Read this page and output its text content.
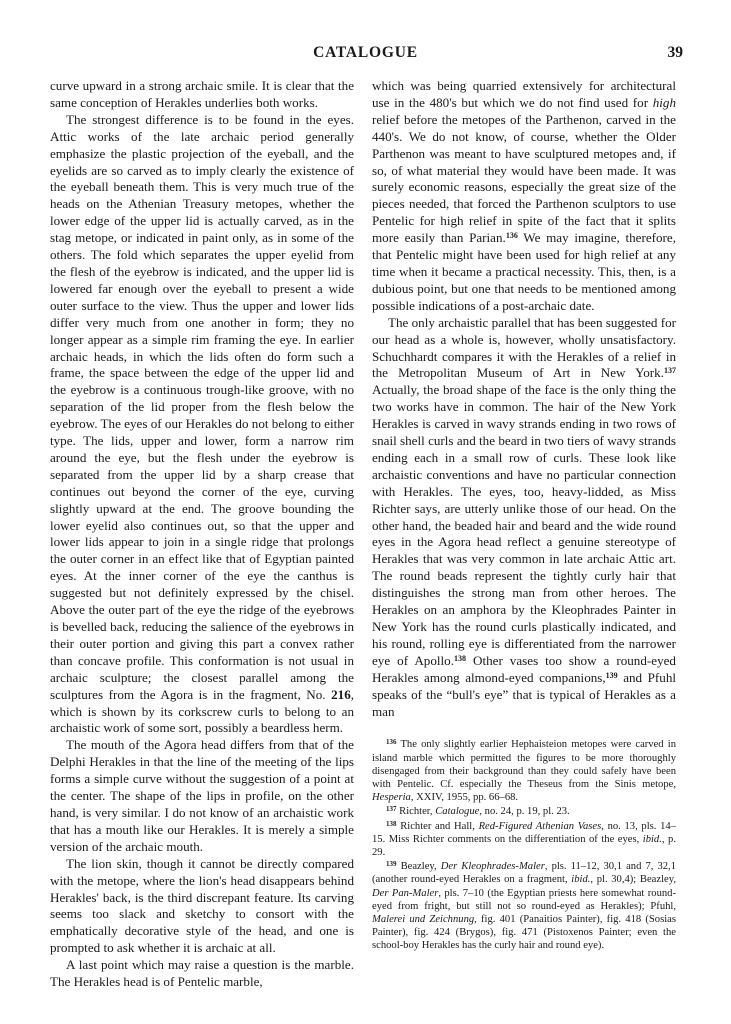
CATALOGUE	39

curve upward in a strong archaic smile. It is clear that the same conception of Herakles underlies both works.

The strongest difference is to be found in the eyes. Attic works of the late archaic period generally emphasize the plastic projection of the eyeball, and the eyelids are so carved as to imply clearly the existence of the eyeball beneath them. This is very much true of the heads on the Athenian Treasury metopes, whether the lower edge of the upper lid is actually carved, as in the stag metope, or indicated in paint only, as in some of the others. The fold which separates the upper eyelid from the flesh of the eyebrow is indicated, and the upper lid is lowered far enough over the eyeball to present a wide outer surface to the view. Thus the upper and lower lids differ very much from one another in form; they no longer appear as a simple rim framing the eye. In earlier archaic heads, in which the lids often do form such a frame, the space between the edge of the upper lid and the eyebrow is a continuous trough-like groove, with no separation of the lid proper from the flesh below the eyebrow. The eyes of our Herakles do not belong to either type. The lids, upper and lower, form a narrow rim around the eye, but the flesh under the eyebrow is separated from the upper lid by a sharp crease that continues out beyond the corner of the eye, curving slightly upward at the end. The groove bounding the lower eyelid also continues out, so that the upper and lower lids appear to join in a single ridge that prolongs the outer corner in an effect like that of Egyptian painted eyes. At the inner corner of the eye the canthus is suggested but not definitely expressed by the chisel. Above the outer part of the eye the ridge of the eyebrows is bevelled back, reducing the salience of the eyebrows in their outer portion and giving this part a convex rather than concave profile. This conformation is not usual in archaic sculpture; the closest parallel among the sculptures from the Agora is in the fragment, No. 216, which is shown by its corkscrew curls to belong to an archaistic work of some sort, possibly a beardless herm.

The mouth of the Agora head differs from that of the Delphi Herakles in that the line of the meeting of the lips forms a simple curve without the suggestion of a point at the center. The shape of the lips in profile, on the other hand, is very similar. I do not know of an archaistic work that has a mouth like our Herakles. It is merely a simple version of the archaic mouth.

The lion skin, though it cannot be directly compared with the metope, where the lion's head disappears behind Herakles' back, is the third discrepant feature. Its carving seems too slack and sketchy to consort with the emphatically decorative style of the head, and one is prompted to ask whether it is archaic at all.

A last point which may raise a question is the marble. The Herakles head is of Pentelic marble,

which was being quarried extensively for architectural use in the 480's but which we do not find used for high relief before the metopes of the Parthenon, carved in the 440's. We do not know, of course, whether the Older Parthenon was meant to have sculptured metopes and, if so, of what material they would have been made. It was surely economic reasons, especially the great size of the pieces needed, that forced the Parthenon sculptors to use Pentelic for high relief in spite of the fact that it splits more easily than Parian.$^{136}$ We may imagine, therefore, that Pentelic might have been used for high relief at any time when it became a practical necessity. This, then, is a dubious point, but one that needs to be mentioned among possible indications of a post-archaic date.

The only archaistic parallel that has been suggested for our head as a whole is, however, wholly unsatisfactory. Schuchhardt compares it with the Herakles of a relief in the Metropolitan Museum of Art in New York.$^{137}$ Actually, the broad shape of the face is the only thing the two works have in common. The hair of the New York Herakles is carved in wavy strands ending in two rows of snail shell curls and the beard in two tiers of wavy strands ending each in a small row of curls. These look like archaistic conventions and have no particular connection with Herakles. The eyes, too, heavy-lidded, as Miss Richter says, are utterly unlike those of our head. On the other hand, the beaded hair and beard and the wide round eyes in the Agora head reflect a genuine stereotype of Herakles that was very common in late archaic Attic art. The round beads represent the tightly curly hair that distinguishes the strong man from other heroes. The Herakles on an amphora by the Kleophrades Painter in New York has the round curls plastically indicated, and his round, rolling eye is differentiated from the narrower eye of Apollo.$^{138}$ Other vases too show a round-eyed Herakles among almond-eyed companions,$^{139}$ and Pfuhl speaks of the “bull's eye” that is typical of Herakles as a man

$^{136}$ The only slightly earlier Hephaisteion metopes were carved in island marble which permitted the figures to be more thoroughly disengaged from their background than they could safely have been with Pentelic. Cf. especially the Theseus from the Sinis metope, Hesperia, XXIV, 1955, pp. 66–68.

$^{137}$ Richter, Catalogue, no. 24, p. 19, pl. 23.

$^{138}$ Richter and Hall, Red-Figured Athenian Vases, no. 13, pls. 14–15. Miss Richter comments on the differentiation of the eyes, ibid., p. 29.

$^{139}$ Beazley, Der Kleophrades-Maler, pls. 11–12, 30,1 and 7, 32,1 (another round-eyed Herakles on a fragment, ibid., pl. 30,4); Beazley, Der Pan-Maler, pls. 7–10 (the Egyptian priests here somewhat round-eyed from fright, but still not so round-eyed as Herakles); Pfuhl, Malerei und Zeichnung, fig. 401 (Panaitios Painter), fig. 418 (Sosias Painter), fig. 424 (Brygos), fig. 471 (Pistoxenos Painter; even the school-boy Herakles has the curly hair and round eye).
